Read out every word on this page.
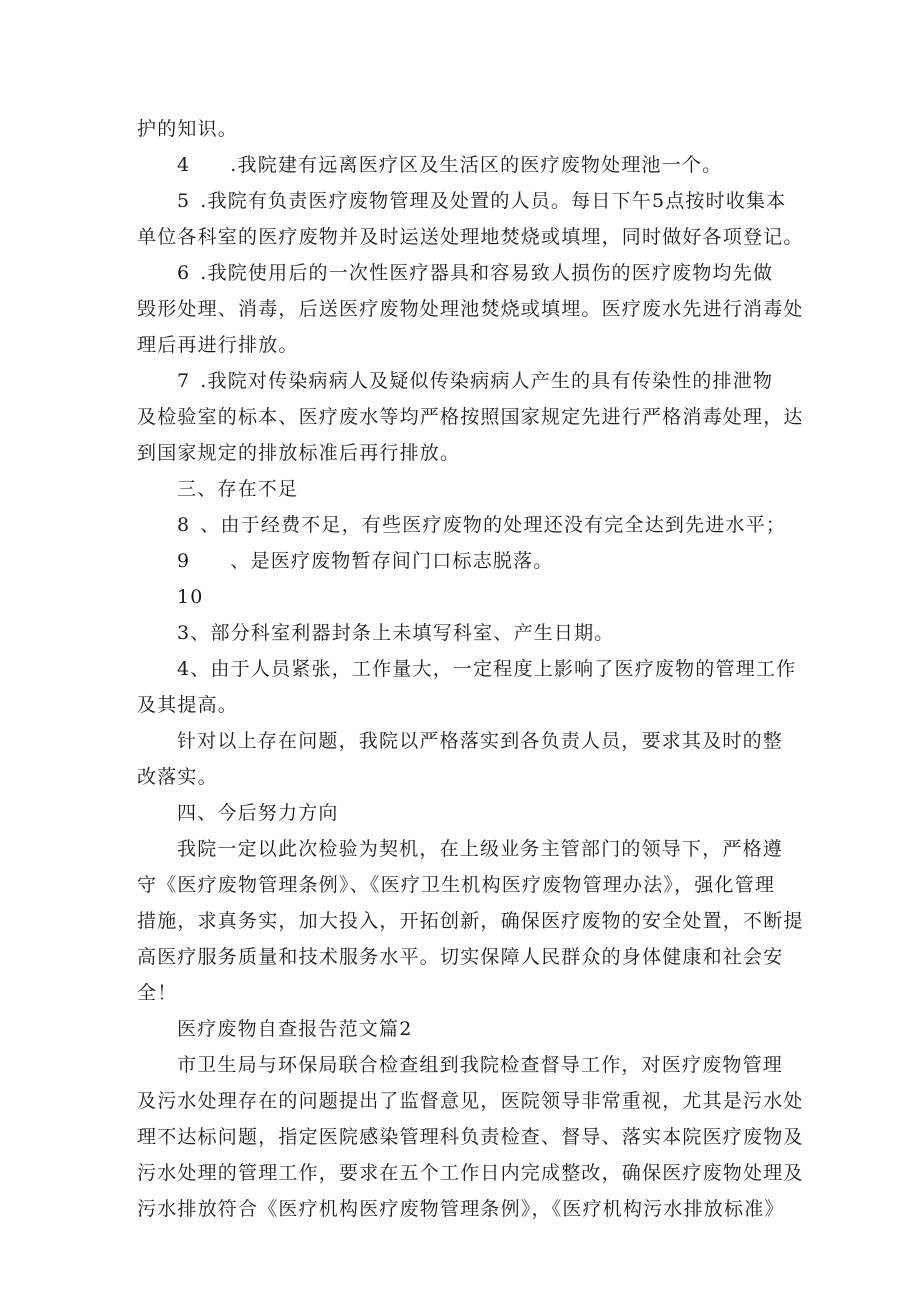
护的知识。
4 .我院建有远离医疗区及生活区的医疗废物处理池一个。
5 .我院有负责医疗废物管理及处置的人员。每日下午5点按时收集本
单位各科室的医疗废物并及时运送处理地焚烧或填埋，同时做好各项登记。
6 .我院使用后的一次性医疗器具和容易致人损伤的医疗废物均先做
毁形处理、消毒，后送医疗废物处理池焚烧或填埋。医疗废水先进行消毒处
理后再进行排放。
7 .我院对传染病病人及疑似传染病病人产生的具有传染性的排泄物
及检验室的标本、医疗废水等均严格按照国家规定先进行严格消毒处理，达
到国家规定的排放标准后再行排放。
三、存在不足
8 、由于经费不足，有些医疗废物的处理还没有完全达到先进水平；
9 、是医疗废物暂存间门口标志脱落。
10
3、部分科室利器封条上未填写科室、产生日期。
4、由于人员紧张，工作量大，一定程度上影响了医疗废物的管理工作
及其提高。
针对以上存在问题，我院以严格落实到各负责人员，要求其及时的整
改落实。
四、今后努力方向
我院一定以此次检验为契机，在上级业务主管部门的领导下，严格遵
守《医疗废物管理条例》、《医疗卫生机构医疗废物管理办法》，强化管理
措施，求真务实，加大投入，开拓创新，确保医疗废物的安全处置，不断提
高医疗服务质量和技术服务水平。切实保障人民群众的身体健康和社会安
全！
医疗废物自查报告范文篇2
市卫生局与环保局联合检查组到我院检查督导工作，对医疗废物管理
及污水处理存在的问题提出了监督意见，医院领导非常重视，尤其是污水处
理不达标问题，指定医院感染管理科负责检查、督导、落实本院医疗废物及
污水处理的管理工作，要求在五个工作日内完成整改，确保医疗废物处理及
污水排放符合《医疗机构医疗废物管理条例》，《医疗机构污水排放标准》
